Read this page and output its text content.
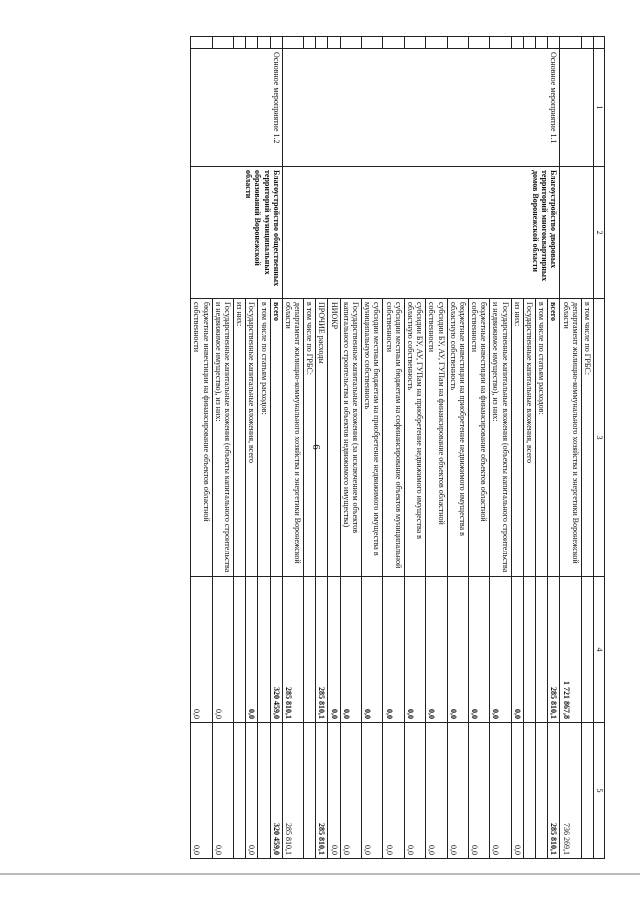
6
	1	2	3	4	5
			в том числе по ГРБС:		
			департамент жилищно-коммунального хозяйства и энергетики Воронежской области	1 721 867,8	736 269,1
	Основное мероприятие 1.1	Благоустройство дворовых территорий многоквартирных домов Воронежской области	всего	285 810,1	285 810,1
			в том числе по статьям расходов:		
			Государственные капитальные вложения, всего		
			из них:	0,0	0,0
			Государственные капитальные вложения (объекты капитального строительства и недвижимое имущество), из них:	0,0	0,0
			бюджетные инвестиции на финансирование объектов областной собственности	0,0	0,0
			бюджетные инвестиции на приобретение недвижимого имущества в областную собственность	0,0	0,0
			субсидии БУ, АУ, ГУПам на финансирование объектов областной собственности	0,0	0,0
			субсидии БУ, АУ, ГУПам на приобретение недвижимого имущества в областную собственность	0,0	0,0
			субсидии местным бюджетам на софинансирование объектов муниципальной собственности	0,0	0,0
			субсидии местным бюджетам на приобретение недвижимого имущества в муниципальную собственность	0,0	0,0
			Государственные капитальные вложения (за исключением объектов капитального строительства и объектов недвижимого имущества)	0,0	0,0
			НИОКР	0,0	0,0
			ПРОЧИЕ расходы	285 810,1	285 810,1
			в том числе по ГРБС:		
			департамент жилищно-коммунального хозяйства и энергетики Воронежской области	285 810,1	285 810,1
	Основное мероприятие 1.2	Благоустройство общественных территорий муниципальных образований Воронежской области	всего	320 459,0	320 459,0
			в том числе по статьям расходов:		
			Государственные капитальные вложения, всего	0,0	0,0
			из них:		
			Государственные капитальные вложения (объекты капитального строительства и недвижимое имущество), из них:	0,0	0,0
			бюджетные инвестиции на финансирование объектов областной собственности	0,0	0,0
